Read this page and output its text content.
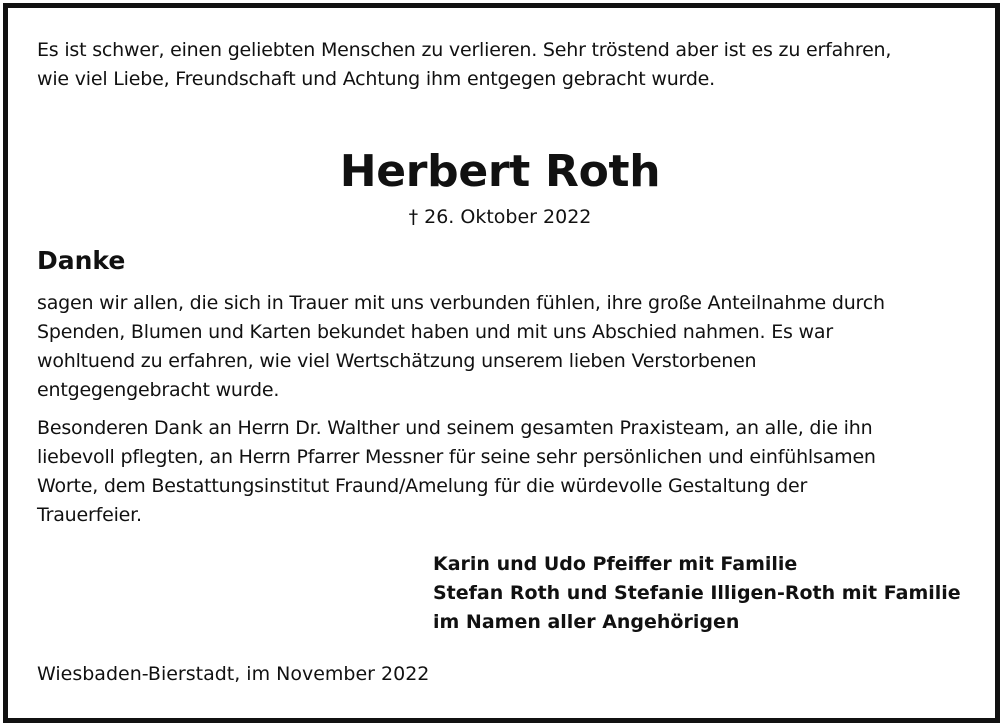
Es ist schwer, einen geliebten Menschen zu verlieren. Sehr tröstend aber ist es zu erfahren,
wie viel Liebe, Freundschaft und Achtung ihm entgegen gebracht wurde.

Herbert Roth

† 26. Oktober 2022

Danke

sagen wir allen, die sich in Trauer mit uns verbunden fühlen, ihre große Anteilnahme durch
Spenden, Blumen und Karten bekundet haben und mit uns Abschied nahmen. Es war
wohltuend zu erfahren, wie viel Wertschätzung unserem lieben Verstorbenen
entgegengebracht wurde.

Besonderen Dank an Herrn Dr. Walther und seinem gesamten Praxisteam, an alle, die ihn
liebevoll pflegten, an Herrn Pfarrer Messner für seine sehr persönlichen und einfühlsamen
Worte, dem Bestattungsinstitut Fraund/Amelung für die würdevolle Gestaltung der
Trauerfeier.

Karin und Udo Pfeiffer mit Familie
Stefan Roth und Stefanie Illigen-Roth mit Familie
im Namen aller Angehörigen

Wiesbaden-Bierstadt, im November 2022
